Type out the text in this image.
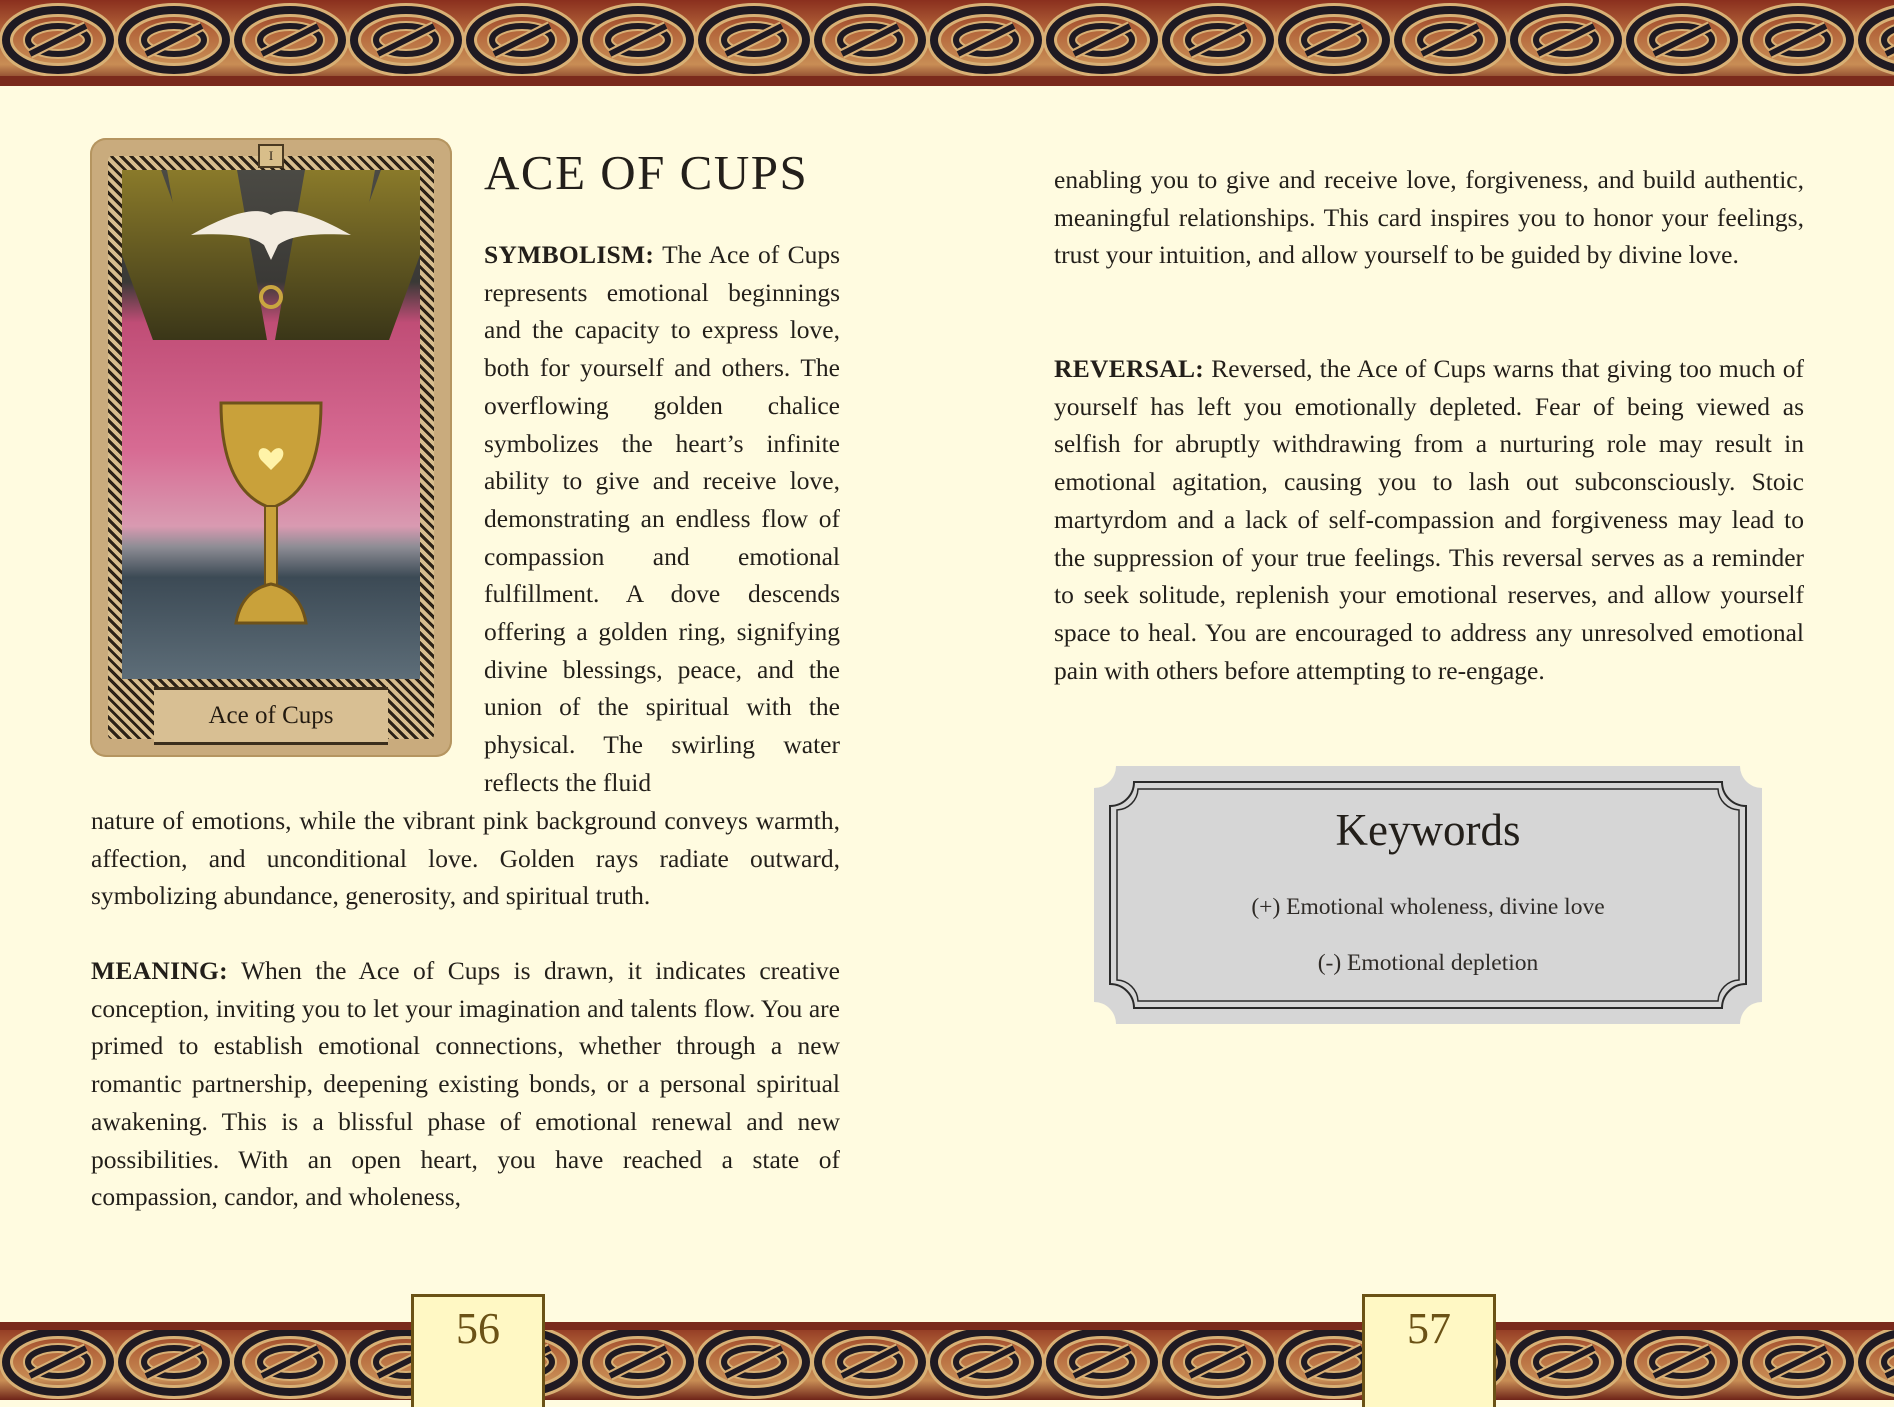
I
Ace of Cups
ACE OF CUPS

SYMBOLISM: The Ace of Cups represents emotional beginnings and the capacity to express love, both for yourself and others. The overflowing golden chalice symbolizes the heart’s infinite ability to give and receive love, demonstrating an endless flow of compassion and emotional fulfillment. A dove descends offering a golden ring, signifying divine blessings, peace, and the union of the spiritual with the physical. The swirling water reflects the fluid

nature of emotions, while the vibrant pink background conveys warmth, affection, and unconditional love. Golden rays radiate outward, symbolizing abundance, generosity, and spiritual truth.

MEANING: When the Ace of Cups is drawn, it indicates creative conception, inviting you to let your imagination and talents flow. You are primed to establish emotional connections, whether through a new romantic partnership, deepening existing bonds, or a personal spiritual awakening. This is a blissful phase of emotional renewal and new possibilities. With an open heart, you have reached a state of compassion, candor, and wholeness,

enabling you to give and receive love, forgiveness, and build authentic, meaningful relationships. This card inspires you to honor your feelings, trust your intuition, and allow yourself to be guided by divine love.

REVERSAL: Reversed, the Ace of Cups warns that giving too much of yourself has left you emotionally depleted. Fear of being viewed as selfish for abruptly withdrawing from a nurturing role may result in emotional agitation, causing you to lash out subconsciously. Stoic martyrdom and a lack of self-compassion and forgiveness may lead to the suppression of your true feelings. This reversal serves as a reminder to seek solitude, replenish your emotional reserves, and allow yourself space to heal. You are encouraged to address any unresolved emotional pain with others before attempting to re-engage.

Keywords
(+) Emotional wholeness, divine love
(-) Emotional depletion
56	57
